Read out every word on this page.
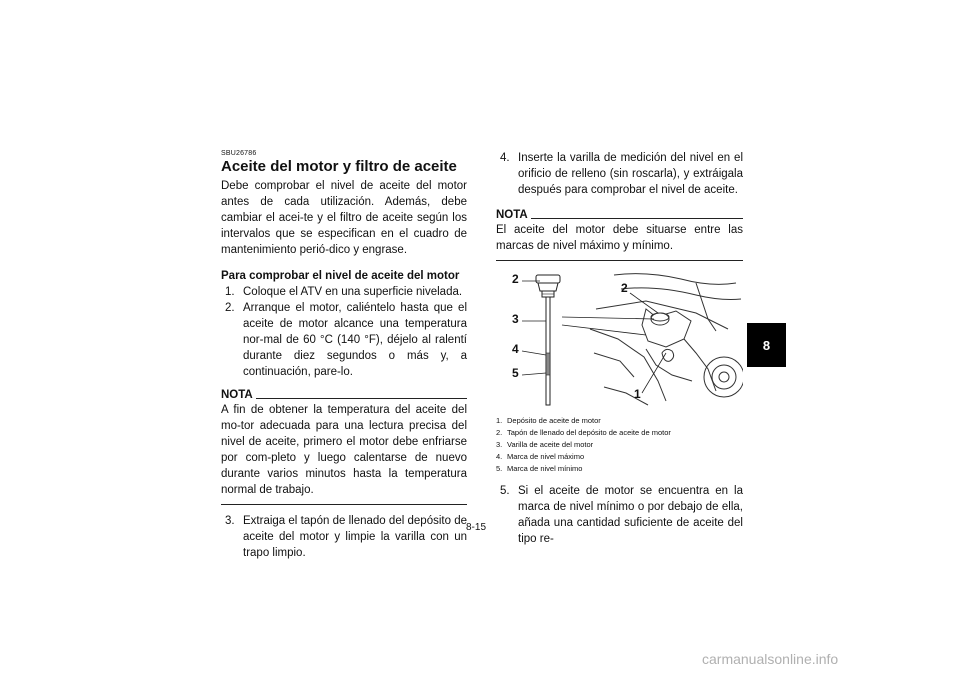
SBU26786
Aceite del motor y filtro de aceite

Debe comprobar el nivel de aceite del motor antes de cada utilización. Además, debe cambiar el acei-te y el filtro de aceite según los intervalos que se especifican en el cuadro de mantenimiento perió-dico y engrase.

Para comprobar el nivel de aceite del motor
1. Coloque el ATV en una superficie nivelada.
2. Arranque el motor, caliéntelo hasta que el aceite de motor alcance una temperatura nor-mal de 60 °C (140 °F), déjelo al ralentí durante diez segundos o más y, a continuación, pare-lo.
NOTA

A fin de obtener la temperatura del aceite del mo-tor adecuada para una lectura precisa del nivel de aceite, primero el motor debe enfriarse por com-pleto y luego calentarse de nuevo durante varios minutos hasta la temperatura normal de trabajo.

3. Extraiga el tapón de llenado del depósito de aceite del motor y limpie la varilla con un trapo limpio.
4. Inserte la varilla de medición del nivel en el orificio de relleno (sin roscarla), y extráigala después para comprobar el nivel de aceite.
NOTA

El aceite del motor debe situarse entre las marcas de nivel máximo y mínimo.

2
3
4
5
2
1
1. Depósito de aceite de motor
2. Tapón de llenado del depósito de aceite de motor
3. Varilla de aceite del motor
4. Marca de nivel máximo
5. Marca de nivel mínimo
5. Si el aceite de motor se encuentra en la marca de nivel mínimo o por debajo de ella, añada una cantidad suficiente de aceite del tipo re-
8
8-15
carmanualsonline.info
